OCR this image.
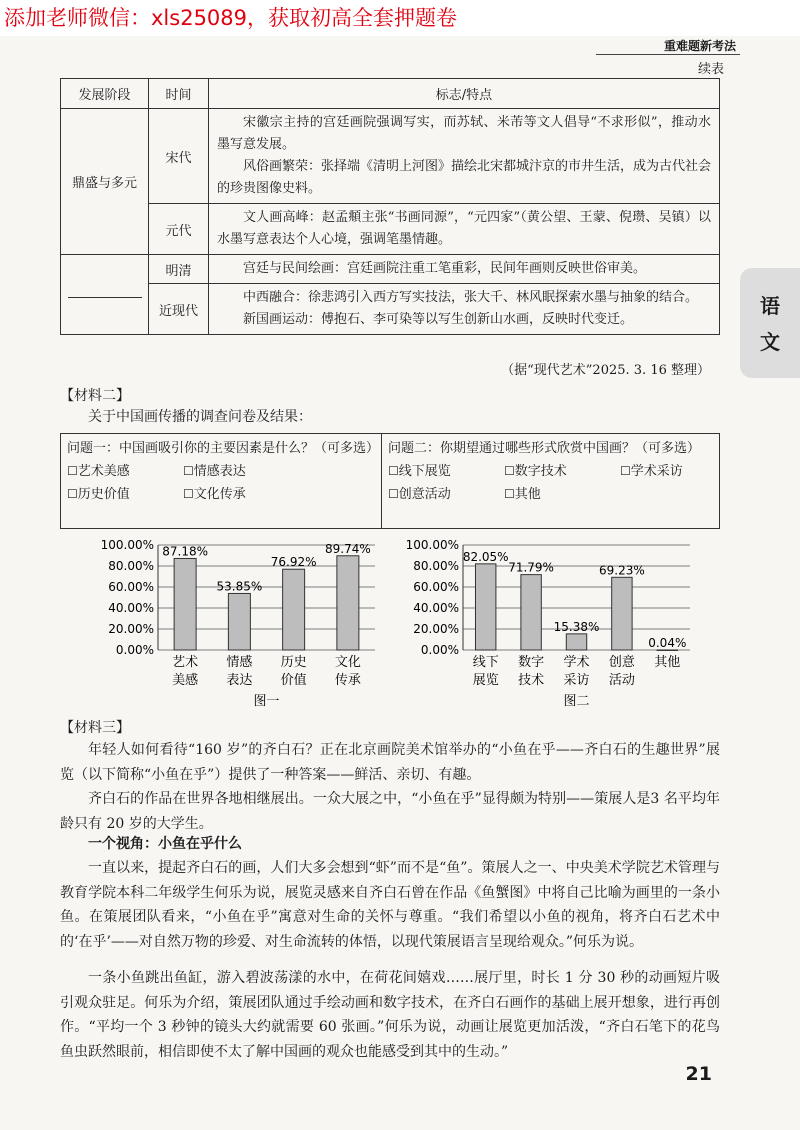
添加老师微信：xls25089，获取初高全套押题卷
重难题新考法
续表
语
文
发展阶段	时间	标志/特点
鼎盛与多元	宋代	宋徽宗主持的宫廷画院强调写实，而苏轼、米芾等文人倡导“不求形似”，推动水墨写意发展。

风俗画繁荣：张择端《清明上河图》描绘北宋都城汴京的市井生活，成为古代社会的珍贵图像史料。

	元代	文人画高峰：赵孟頫主张“书画同源”，“元四家”（黄公望、王蒙、倪瓒、吴镇）以水墨写意表达个人心境，强调笔墨情趣。

	明清	宫廷与民间绘画：宫廷画院注重工笔重彩，民间年画则反映世俗审美。

	近现代	中西融合：徐悲鸿引入西方写实技法，张大千、林风眠探索水墨与抽象的结合。

新国画运动：傅抱石、李可染等以写生创新山水画，反映时代变迁。

（据“现代艺术”2025. 3. 16 整理）
【材料二】
关于中国画传播的调查问卷及结果：
问题一：中国画吸引你的主要因素是什么？（可多选）
☐ 艺术美感	☐ 情感表达
☐ 历史价值	☐ 文化传承
问题二：你期望通过哪些形式欣赏中国画？（可多选）
☐ 线下展览	☐ 数字技术	☐ 学术采访
☐ 创意活动	☐ 其他
100.00%
80.00%
60.00%
40.00%
20.00%
0.00%
87.18%
艺术
美感
53.85%
情感
表达
76.92%
历史
价值
89.74%
文化
传承
图一
100.00%
80.00%
60.00%
40.00%
20.00%
0.00%
82.05%
线下
展览
71.79%
数字
技术
15.38%
学术
采访
69.23%
创意
活动
0.04%
其他
图二
【材料三】
年轻人如何看待“160 岁”的齐白石？正在北京画院美术馆举办的“小鱼在乎——齐白石的生趣世界”展览（以下简称“小鱼在乎”）提供了一种答案——鲜活、亲切、有趣。
齐白石的作品在世界各地相继展出。一众大展之中，“小鱼在乎”显得颇为特别——策展人是3 名平均年龄只有 20 岁的大学生。
一个视角：小鱼在乎什么
一直以来，提起齐白石的画，人们大多会想到“虾”而不是“鱼”。策展人之一、中央美术学院艺术管理与教育学院本科二年级学生何乐为说，展览灵感来自齐白石曾在作品《鱼蟹图》中将自己比喻为画里的一条小鱼。在策展团队看来，“小鱼在乎”寓意对生命的关怀与尊重。“我们希望以小鱼的视角，将齐白石艺术中的‘在乎’——对自然万物的珍爱、对生命流转的体悟，以现代策展语言呈现给观众。”何乐为说。
一条小鱼跳出鱼缸，游入碧波荡漾的水中，在荷花间嬉戏……展厅里，时长 1 分 30 秒的动画短片吸引观众驻足。何乐为介绍，策展团队通过手绘动画和数字技术，在齐白石画作的基础上展开想象，进行再创作。“平均一个 3 秒钟的镜头大约就需要 60 张画。”何乐为说，动画让展览更加活泼，“齐白石笔下的花鸟鱼虫跃然眼前，相信即使不太了解中国画的观众也能感受到其中的生动。”
21
